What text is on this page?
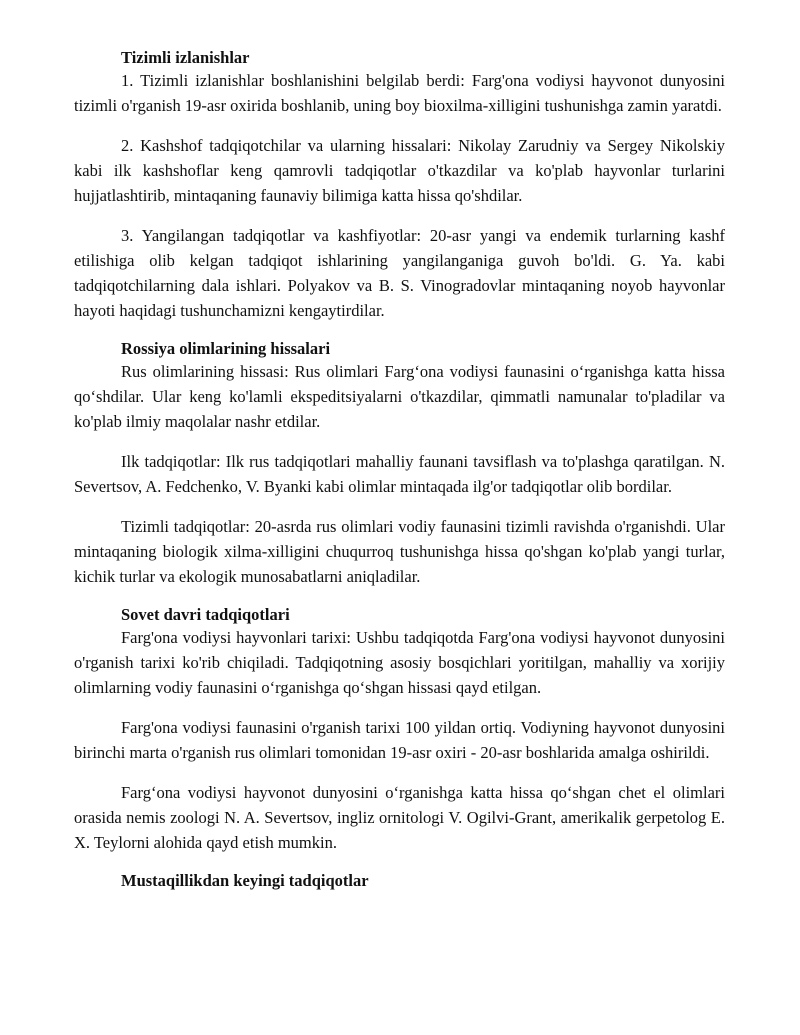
Tizimli izlanishlar

1. Tizimli izlanishlar boshlanishini belgilab berdi: Farg'ona vodiysi hayvonot dunyosini tizimli o'rganish 19-asr oxirida boshlanib, uning boy bioxilma-xilligini tushunishga zamin yaratdi.

2. Kashshof tadqiqotchilar va ularning hissalari: Nikolay Zarudniy va Sergey Nikolskiy kabi ilk kashshoflar keng qamrovli tadqiqotlar o'tkazdilar va ko'plab hayvonlar turlarini hujjatlashtirib, mintaqaning faunaviy bilimiga katta hissa qo'shdilar.

3. Yangilangan tadqiqotlar va kashfiyotlar: 20-asr yangi va endemik turlarning kashf etilishiga olib kelgan tadqiqot ishlarining yangilanganiga guvoh bo'ldi. G. Ya. kabi tadqiqotchilarning dala ishlari. Polyakov va B. S. Vinogradovlar mintaqaning noyob hayvonlar hayoti haqidagi tushunchamizni kengaytirdilar.

Rossiya olimlarining hissalari

Rus olimlarining hissasi: Rus olimlari Farg‘ona vodiysi faunasini o‘rganishga katta hissa qo‘shdilar. Ular keng ko'lamli ekspeditsiyalarni o'tkazdilar, qimmatli namunalar to'pladilar va ko'plab ilmiy maqolalar nashr etdilar.

Ilk tadqiqotlar: Ilk rus tadqiqotlari mahalliy faunani tavsiflash va to'plashga qaratilgan. N. Severtsov, A. Fedchenko, V. Byanki kabi olimlar mintaqada ilg'or tadqiqotlar olib bordilar.

Tizimli tadqiqotlar: 20-asrda rus olimlari vodiy faunasini tizimli ravishda o'rganishdi. Ular mintaqaning biologik xilma-xilligini chuqurroq tushunishga hissa qo'shgan ko'plab yangi turlar, kichik turlar va ekologik munosabatlarni aniqladilar.

Sovet davri tadqiqotlari

Farg'ona vodiysi hayvonlari tarixi: Ushbu tadqiqotda Farg'ona vodiysi hayvonot dunyosini o'rganish tarixi ko'rib chiqiladi. Tadqiqotning asosiy bosqichlari yoritilgan, mahalliy va xorijiy olimlarning vodiy faunasini o‘rganishga qo‘shgan hissasi qayd etilgan.

Farg'ona vodiysi faunasini o'rganish tarixi 100 yildan ortiq. Vodiyning hayvonot dunyosini birinchi marta o'rganish rus olimlari tomonidan 19-asr oxiri - 20-asr boshlarida amalga oshirildi.

Farg‘ona vodiysi hayvonot dunyosini o‘rganishga katta hissa qo‘shgan chet el olimlari orasida nemis zoologi N. A. Severtsov, ingliz ornitologi V. Ogilvi-Grant, amerikalik gerpetolog E. X. Teylorni alohida qayd etish mumkin.

Mustaqillikdan keyingi tadqiqotlar
